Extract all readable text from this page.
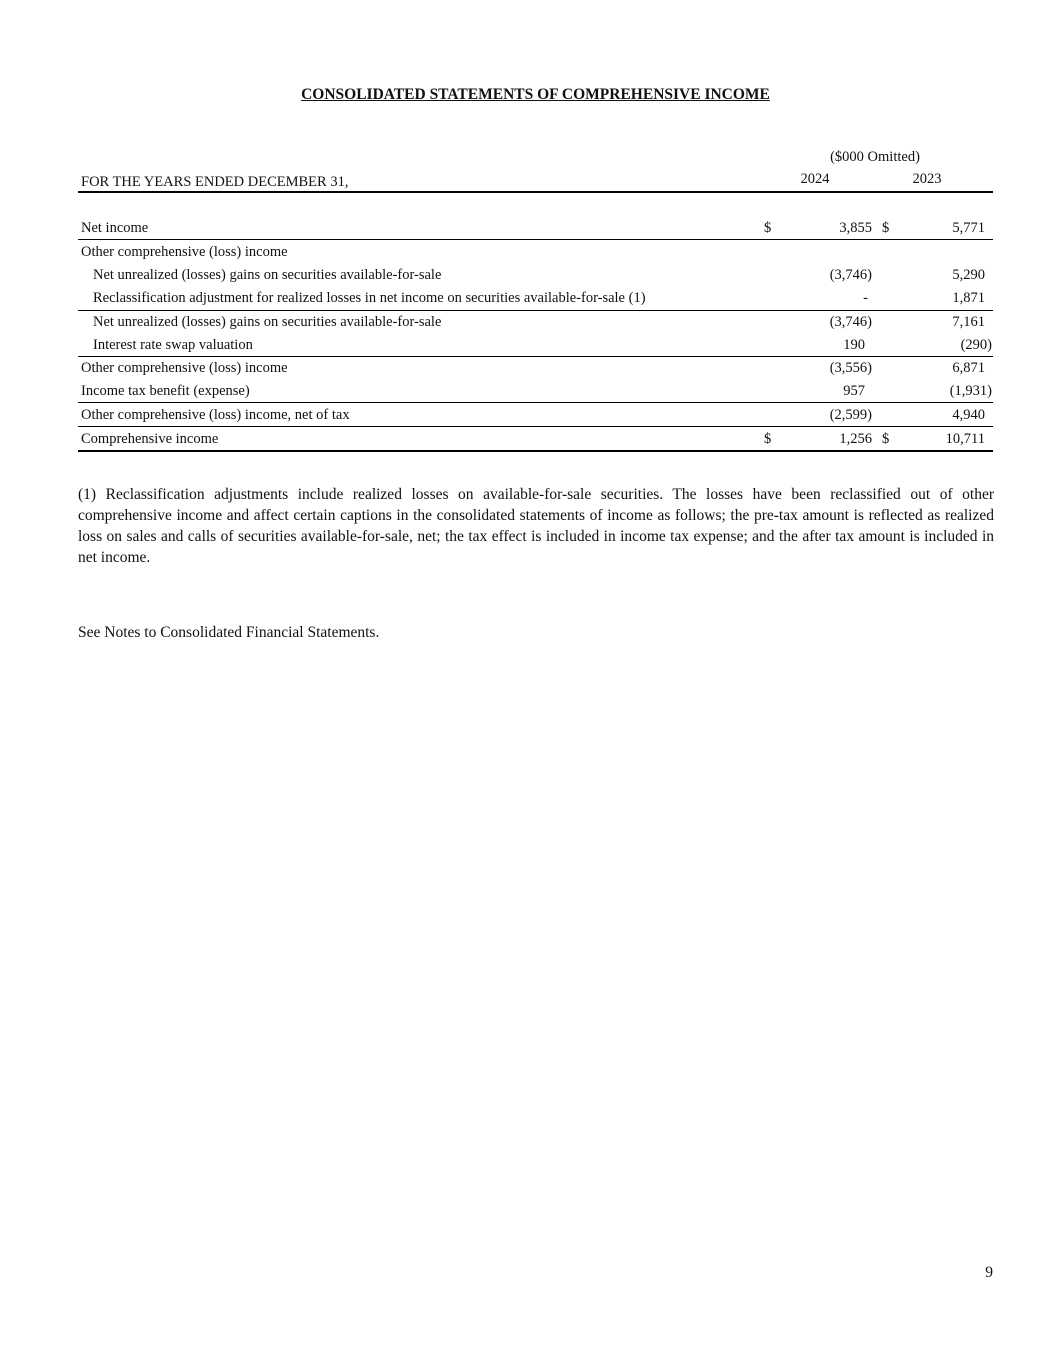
CONSOLIDATED STATEMENTS OF COMPREHENSIVE INCOME
($000 Omitted)
FOR THE YEARS ENDED DECEMBER 31,	2024	2023
Net income	$	3,855 $	5,771
Other comprehensive (loss) income
Net unrealized (losses) gains on securities available-for-sale	(3,746)	5,290
Reclassification adjustment for realized losses in net income on securities available-for-sale (1)	-	1,871
Net unrealized (losses) gains on securities available-for-sale	(3,746)	7,161
Interest rate swap valuation	190	(290)
Other comprehensive (loss) income	(3,556)	6,871
Income tax benefit (expense)	957	(1,931)
Other comprehensive (loss) income, net of tax	(2,599)	4,940
Comprehensive income	$	1,256 $	10,711
(1) Reclassification adjustments include realized losses on available-for-sale securities. The losses have been reclassified out of other comprehensive income and affect certain captions in the consolidated statements of income as follows; the pre-tax amount is reflected as realized loss on sales and calls of securities available-for-sale, net; the tax effect is included in income tax expense; and the after tax amount is included in net income.
See Notes to Consolidated Financial Statements.
9
